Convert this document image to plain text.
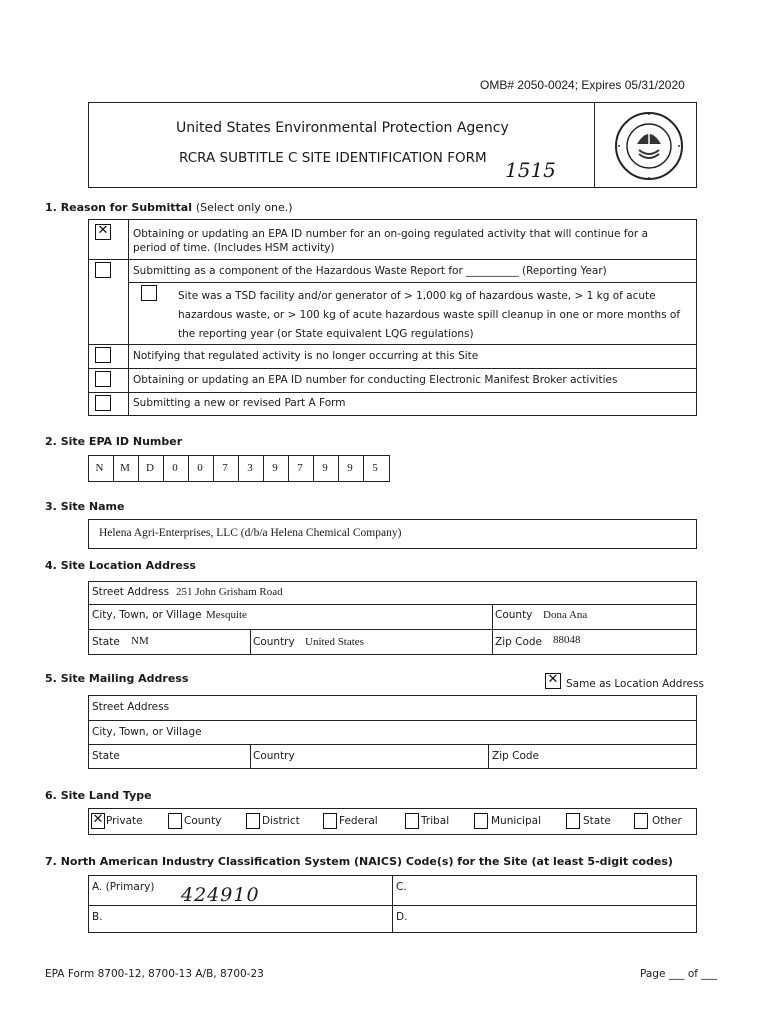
OMB# 2050-0024; Expires 05/31/2020
United States Environmental Protection Agency
RCRA SUBTITLE C SITE IDENTIFICATION FORM 1515
1. Reason for Submittal (Select only one.)
✕
Obtaining or updating an EPA ID number for an on-going regulated activity that will continue for a period of time. (Includes HSM activity)
Submitting as a component of the Hazardous Waste Report for __________ (Reporting Year)
Site was a TSD facility and/or generator of > 1,000 kg of hazardous waste, > 1 kg of acute hazardous waste, or > 100 kg of acute hazardous waste spill cleanup in one or more months of the reporting year (or State equivalent LQG regulations)
Notifying that regulated activity is no longer occurring at this Site
Obtaining or updating an EPA ID number for conducting Electronic Manifest Broker activities
Submitting a new or revised Part A Form
2. Site EPA ID Number
N	M	D	0	0	7	3	9	7	9	9	5
3. Site Name
Helena Agri-Enterprises, LLC (d/b/a Helena Chemical Company)
4. Site Location Address
Street Address 251 John Grisham Road
City, Town, or Village Mesquite	County Dona Ana
State NM	Country United States	Zip Code 88048
5. Site Mailing Address
✕	Same as Location Address
Street Address
City, Town, or Village
State	Country	Zip Code
6. Site Land Type
✕
Private	County	District	Federal	Tribal	Municipal	State	Other
7. North American Industry Classification System (NAICS) Code(s) for the Site (at least 5-digit codes)
A. (Primary) 424910
B.
C.
D.
EPA Form 8700-12, 8700-13 A/B, 8700-23	Page ___ of ___
